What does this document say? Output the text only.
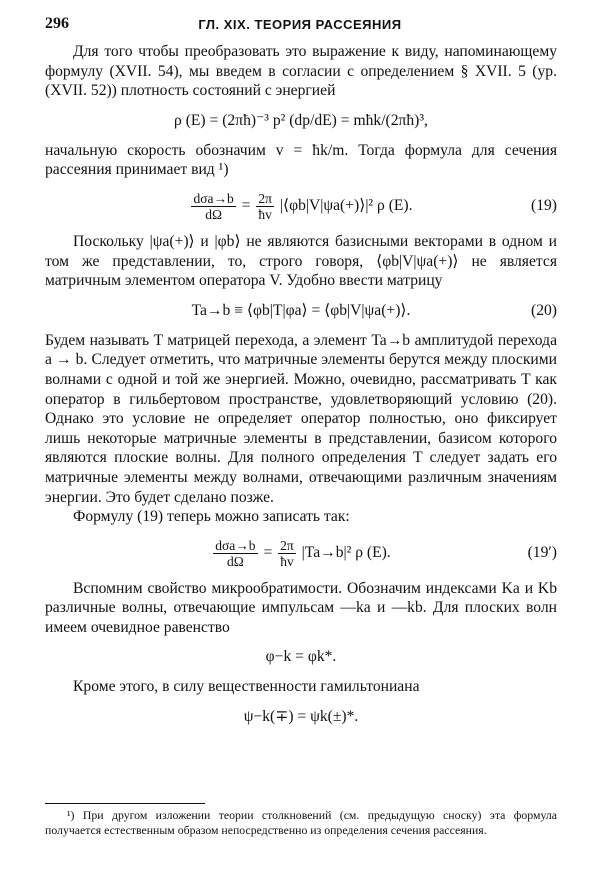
296	ГЛ. XIX. ТЕОРИЯ РАССЕЯНИЯ

Для того чтобы преобразовать это выражение к виду, напоминающему формулу (XVII. 54), мы введем в согласии с определением § XVII. 5 (ур. (XVII. 52)) плотность состояний с энергией

ρ (E) = (2πħ)⁻³ p² (dp/dE) = mħk/(2πħ)³,

начальную скорость обозначим v = ħk/m. Тогда формула для сечения рассеяния принимает вид ¹)

$\frac{\text{dσa→b}}{d\Omega} = \frac{2\pi}{ħv}$ |⟨φb|V|ψa(+)⟩|² ρ (E).	(19)

Поскольку |ψa(+)⟩ и |φb⟩ не являются базисными векторами в одном и том же представлении, то, строго говоря, ⟨φb|V|ψa(+)⟩ не является матричным элементом оператора V. Удобно ввести матрицу

Ta→b ≡ ⟨φb|T|φa⟩ = ⟨φb|V|ψa(+)⟩.	(20)

Будем называть T матрицей перехода, а элемент Ta→b амплитудой перехода a → b. Следует отметить, что матричные элементы берутся между плоскими волнами с одной и той же энергией. Можно, очевидно, рассматривать T как оператор в гильбертовом пространстве, удовлетворяющий условию (20). Однако это условие не определяет оператор полностью, оно фиксирует лишь некоторые матричные элементы в представлении, базисом которого являются плоские волны. Для полного определения T следует задать его матричные элементы между волнами, отвечающими различным значениям энергии. Это будет сделано позже.

Формулу (19) теперь можно записать так:

$\frac{\text{dσa→b}}{d\Omega} = \frac{2\pi}{ħv} |Ta\to b|^2$ ρ (E).	(19′)

Вспомним свойство микрообратимости. Обозначим индексами Ka и Kb различные волны, отвечающие импульсам —ka и —kb. Для плоских волн имеем очевидное равенство

φ−k = φk*.

Кроме этого, в силу вещественности гамильтониана

ψ−k(∓) = ψk(±)*.
¹) При другом изложении теории столкновений (см. предыдущую сноску) эта формула получается естественным образом непосредственно из определения сечения рассеяния.
